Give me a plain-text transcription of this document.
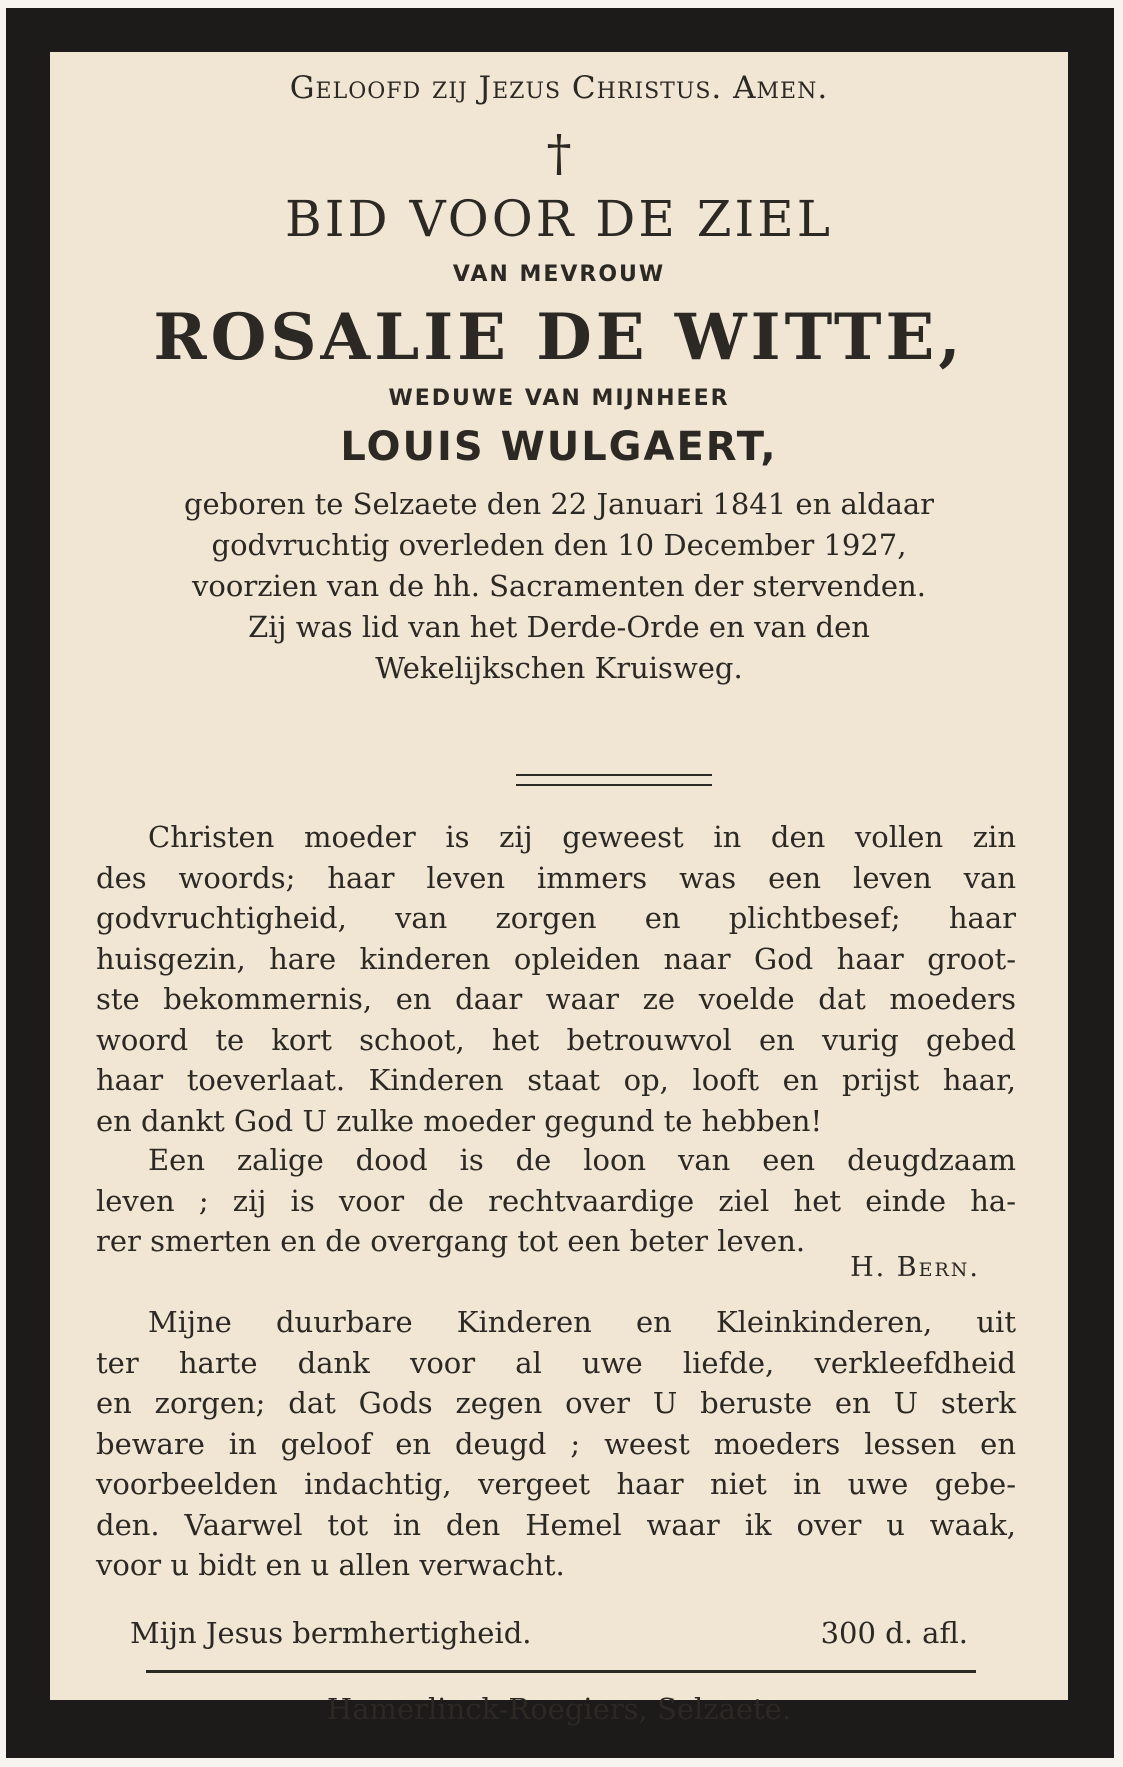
Geloofd zij Jezus Christus. Amen.
†
BID VOOR DE ZIEL
VAN MEVROUW
ROSALIE DE WITTE,
WEDUWE VAN MIJNHEER
LOUIS WULGAERT,
geboren te Selzaete den 22 Januari 1841 en aldaar
godvruchtig overleden den 10 December 1927,
voorzien van de hh. Sacramenten der stervenden.
Zij was lid van het Derde-Orde en van den
Wekelijkschen Kruisweg.
Christen moeder is zij geweest in den vollen zin
des woords; haar leven immers was een leven van
godvruchtigheid, van zorgen en plichtbesef; haar
huisgezin, hare kinderen opleiden naar God haar groot-
ste bekommernis, en daar waar ze voelde dat moeders
woord te kort schoot, het betrouwvol en vurig gebed
haar toeverlaat. Kinderen staat op, looft en prijst haar,
en dankt God U zulke moeder gegund te hebben!
Een zalige dood is de loon van een deugdzaam
leven ; zij is voor de rechtvaardige ziel het einde ha-
rer smerten en de overgang tot een beter leven.
H. Bern.
Mijne duurbare Kinderen en Kleinkinderen, uit
ter harte dank voor al uwe liefde, verkleefdheid
en zorgen; dat Gods zegen over U beruste en U sterk
beware in geloof en deugd ; weest moeders lessen en
voorbeelden indachtig, vergeet haar niet in uwe gebe-
den. Vaarwel tot in den Hemel waar ik over u waak,
voor u bidt en u allen verwacht.
Mijn Jesus bermhertigheid.	300 d. afl.
Hamerlinck-Roegiers, Selzaete.
